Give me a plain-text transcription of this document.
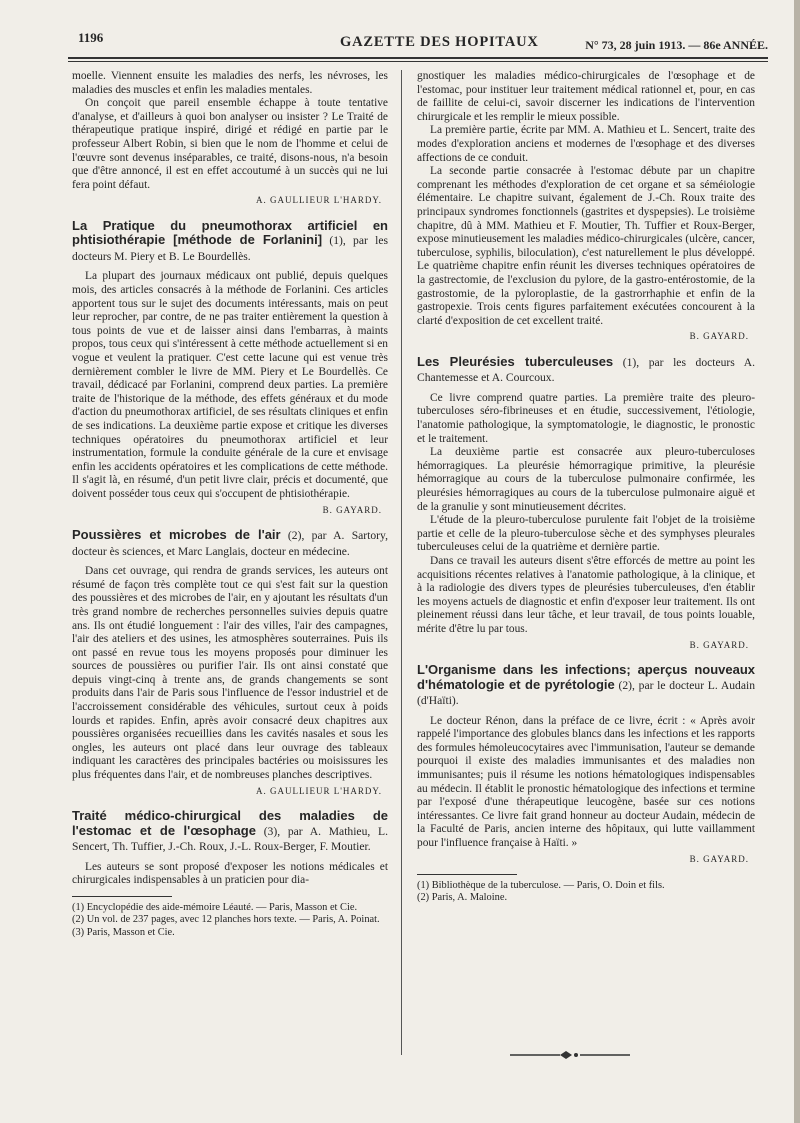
1196	GAZETTE DES HOPITAUX	N° 73, 28 juin 1913. — 86e ANNÉE.

moelle. Viennent ensuite les maladies des nerfs, les névroses, les maladies des muscles et enfin les maladies mentales.

On conçoit que pareil ensemble échappe à toute tentative d'analyse, et d'ailleurs à quoi bon analyser ou insister ? Le Traité de thérapeutique pratique inspiré, dirigé et rédigé en partie par le professeur Albert Robin, si bien que le nom de l'homme et celui de l'œuvre sont devenus inséparables, ce traité, disons-nous, n'a besoin que d'être annoncé, il est en effet accoutumé à un succès qui ne lui fera point défaut.

A. GAULLIEUR L'HARDY.
La Pratique du pneumothorax artificiel en phtisiothérapie [méthode de Forlanini] (1), par les docteurs M. Piery et B. Le Bourdellès.

La plupart des journaux médicaux ont publié, depuis quelques mois, des articles consacrés à la méthode de Forlanini. Ces articles apportent tous sur le sujet des documents intéressants, mais on peut leur reprocher, par contre, de ne pas traiter entièrement la question à tous points de vue et de laisser ainsi dans l'embarras, à maints propos, tous ceux qui s'intéressent à cette méthode actuellement si en vogue et veulent la pratiquer. C'est cette lacune qui est venue très dernièrement combler le livre de MM. Piery et Le Bourdellès. Ce travail, dédicacé par Forlanini, comprend deux parties. La première traite de l'historique de la méthode, des effets généraux et du mode d'action du pneumothorax artificiel, de ses résultats cliniques et enfin de ses indications. La deuxième partie expose et critique les diverses techniques opératoires du pneumothorax artificiel et leur instrumentation, formule la conduite générale de la cure et envisage enfin les accidents opératoires et les complications de cette méthode. Il s'agit là, en résumé, d'un petit livre clair, précis et documenté, que doivent posséder tous ceux qui s'occupent de phtisiothérapie.

B. GAYARD.
Poussières et microbes de l'air (2), par A. Sartory, docteur ès sciences, et Marc Langlais, docteur en médecine.

Dans cet ouvrage, qui rendra de grands services, les auteurs ont résumé de façon très complète tout ce qui s'est fait sur la question des poussières et des microbes de l'air, en y ajoutant les résultats d'un très grand nombre de recherches personnelles suivies depuis quatre ans. Ils ont étudié longuement : l'air des villes, l'air des campagnes, l'air des ateliers et des usines, les atmosphères souterraines. Puis ils ont passé en revue tous les moyens proposés pour diminuer les sources de poussières ou purifier l'air. Ils ont ainsi constaté que depuis vingt-cinq à trente ans, de grands changements se sont produits dans l'air de Paris sous l'influence de l'essor industriel et de l'accroissement considérable des véhicules, surtout ceux à poids lourds et rapides. Enfin, après avoir consacré deux chapitres aux poussières organisées recueillies dans les cavités nasales et sous les ongles, les auteurs ont placé dans leur ouvrage des tableaux indiquant les caractères des principales bactéries ou moisissures les plus fréquentes dans l'air, et de nombreuses planches descriptives.

A. GAULLIEUR L'HARDY.
Traité médico-chirurgical des maladies de l'estomac et de l'œsophage (3), par A. Mathieu, L. Sencert, Th. Tuffier, J.-Ch. Roux, J.-L. Roux-Berger, F. Moutier.

Les auteurs se sont proposé d'exposer les notions médicales et chirurgicales indispensables à un praticien pour dia-

(1) Encyclopédie des aide-mémoire Léauté. — Paris, Masson et Cie.

(2) Un vol. de 237 pages, avec 12 planches hors texte. — Paris, A. Poinat.

(3) Paris, Masson et Cie.

gnostiquer les maladies médico-chirurgicales de l'œsophage et de l'estomac, pour instituer leur traitement médical rationnel et, pour, en cas de faillite de celui-ci, savoir discerner les indications de l'intervention chirurgicale et les remplir le mieux possible.

La première partie, écrite par MM. A. Mathieu et L. Sencert, traite des modes d'exploration anciens et modernes de l'œsophage et des diverses affections de ce conduit.

La seconde partie consacrée à l'estomac débute par un chapitre comprenant les méthodes d'exploration de cet organe et sa séméiologie élémentaire. Le chapitre suivant, également de J.-Ch. Roux traite des principaux syndromes fonctionnels (gastrites et dyspepsies). Le troisième chapitre, dû à MM. Mathieu et F. Moutier, Th. Tuffier et Roux-Berger, expose minutieusement les maladies médico-chirurgicales (ulcère, cancer, tuberculose, syphilis, biloculation), c'est naturellement le plus développé. Le quatrième chapitre enfin réunit les diverses techniques opératoires de la gastrectomie, de l'exclusion du pylore, de la gastro-entérostomie, de la gastrostomie, de la pyloroplastie, de la gastrorrhaphie et enfin de la gastropexie. Trois cents figures parfaitement exécutées concourent à la clarté d'exposition de cet excellent traité.

B. GAYARD.
Les Pleurésies tuberculeuses (1), par les docteurs A. Chantemesse et A. Courcoux.

Ce livre comprend quatre parties. La première traite des pleuro-tuberculoses séro-fibrineuses et en étudie, successivement, l'étiologie, l'anatomie pathologique, la symptomatologie, le diagnostic, le pronostic et le traitement.

La deuxième partie est consacrée aux pleuro-tuberculoses hémorragiques. La pleurésie hémorragique primitive, la pleurésie hémorragique au cours de la tuberculose pulmonaire confirmée, les pleurésies hémorragiques au cours de la tuberculose pulmonaire aiguë et de la granulie y sont minutieusement décrites.

L'étude de la pleuro-tuberculose purulente fait l'objet de la troisième partie et celle de la pleuro-tuberculose sèche et des symphyses pleurales tuberculeuses celui de la quatrième et dernière partie.

Dans ce travail les auteurs disent s'être efforcés de mettre au point les acquisitions récentes relatives à l'anatomie pathologique, à la clinique, et à la radiologie des divers types de pleurésies tuberculeuses, d'en établir les moyens actuels de diagnostic et enfin d'exposer leur traitement. Ils ont pleinement réussi dans leur tâche, et leur travail, de tous points louable, mérite d'être lu par tous.

B. GAYARD.
L'Organisme dans les infections; aperçus nouveaux d'hématologie et de pyrétologie (2), par le docteur L. Audain (d'Haïti).

Le docteur Rénon, dans la préface de ce livre, écrit : « Après avoir rappelé l'importance des globules blancs dans les infections et les rapports des formules hémoleucocytaires avec l'immunisation, l'auteur se demande pourquoi il existe des maladies immunisantes et des maladies non immunisantes; puis il résume les notions hématologiques indispensables au médecin. Il établit le pronostic hématologique des infections et termine par l'exposé d'une thérapeutique leucogène, basée sur ces notions intéressantes. Ce livre fait grand honneur au docteur Audain, médecin de la Faculté de Paris, ancien interne des hôpitaux, qui lutte vaillamment pour l'influence française à Haïti. »

B. GAYARD.

(1) Bibliothèque de la tuberculose. — Paris, O. Doin et fils.

(2) Paris, A. Maloine.
